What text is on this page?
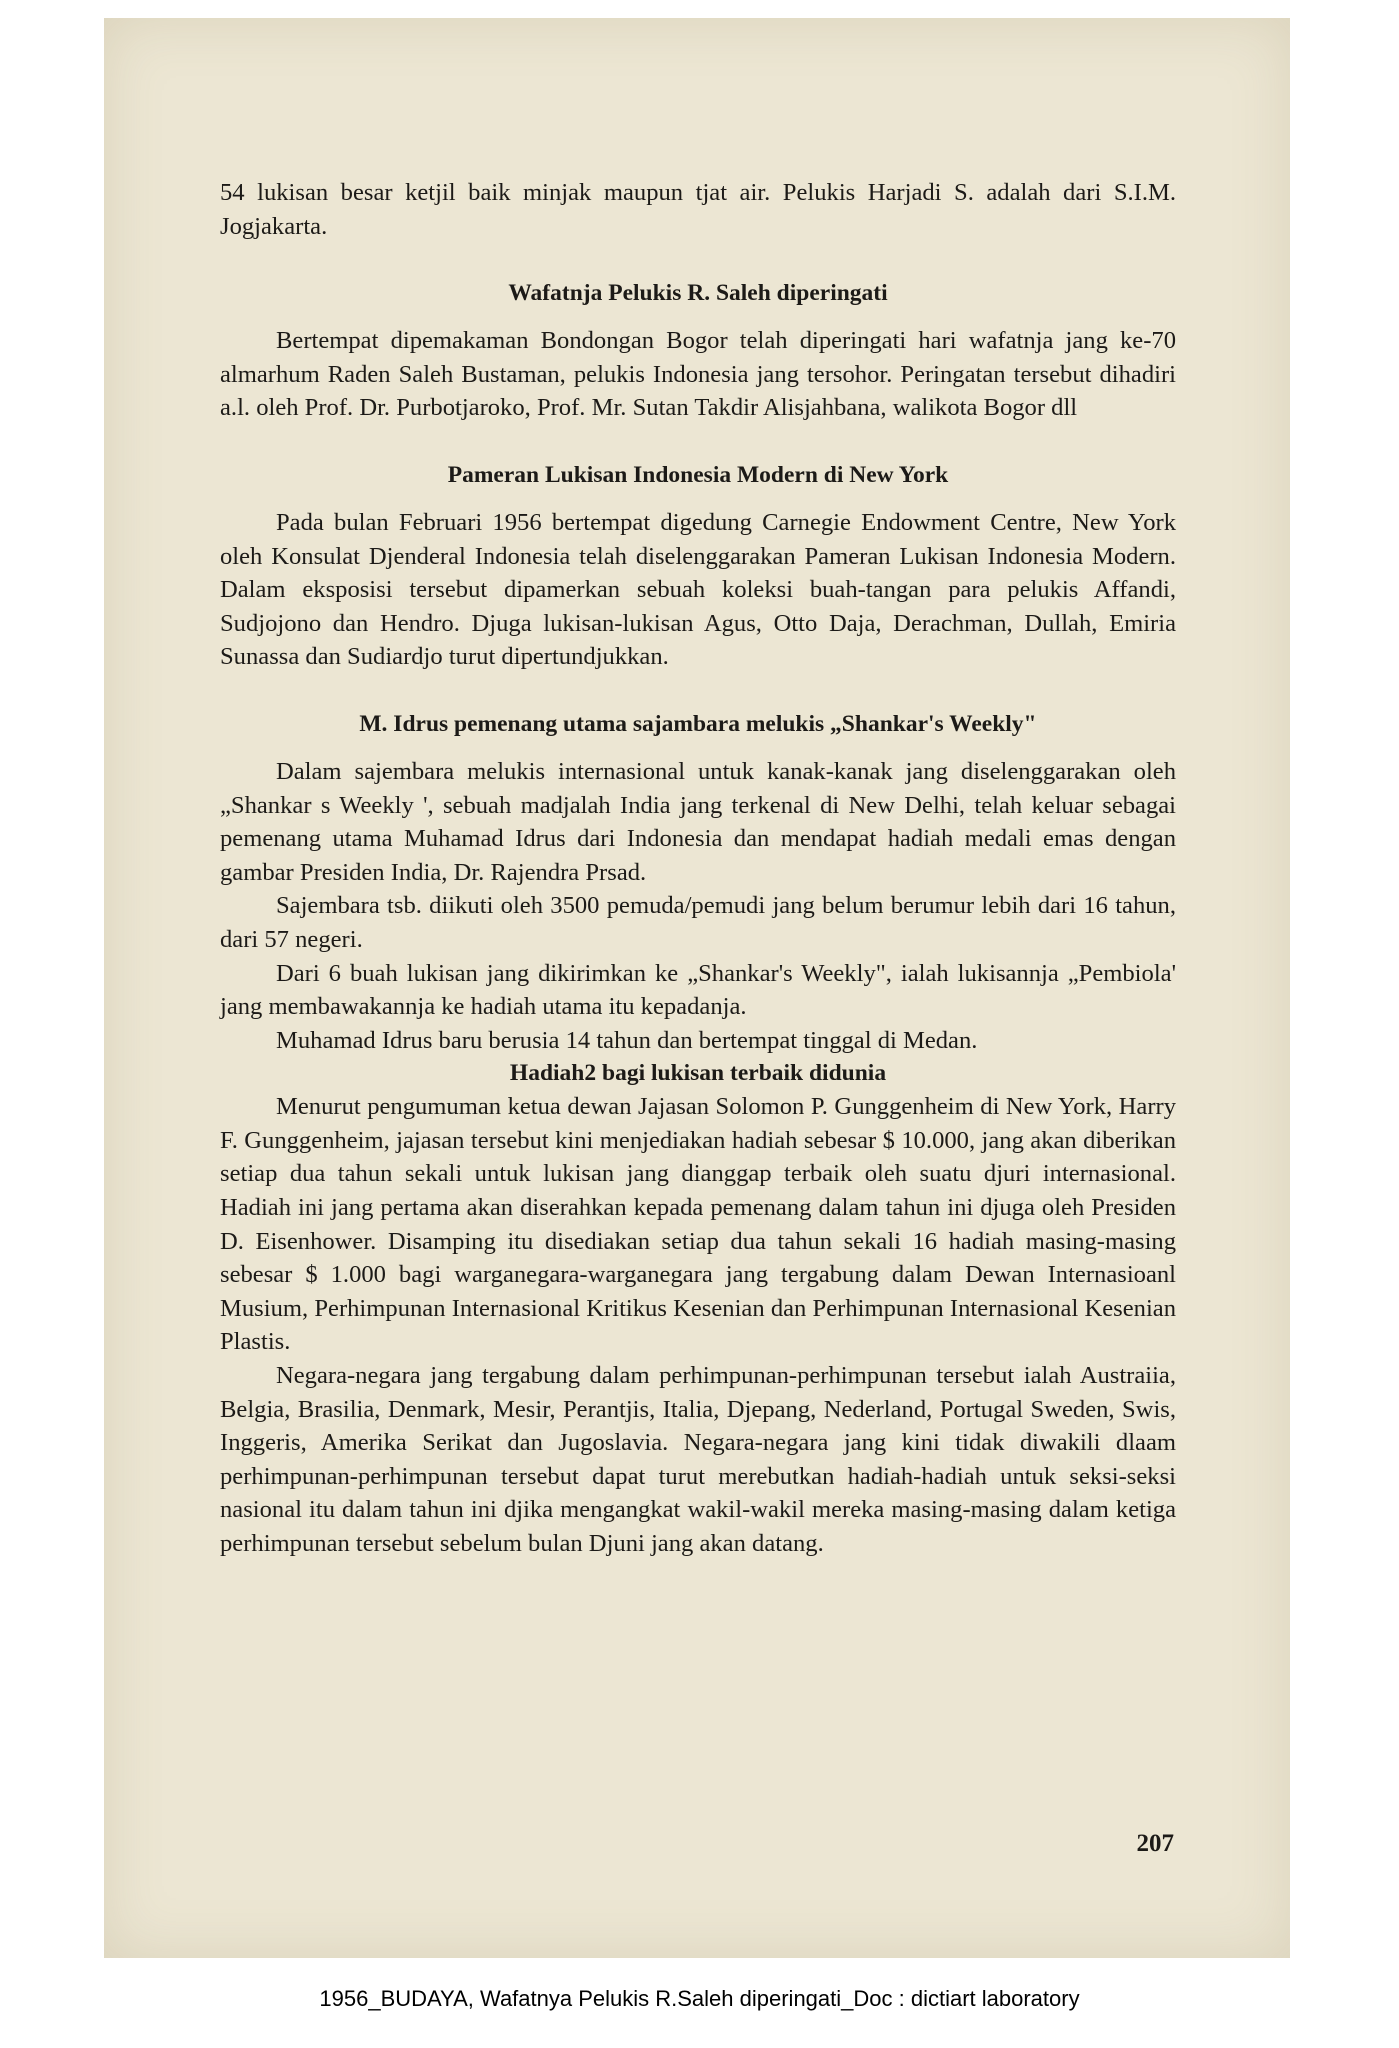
54 lukisan besar ketjil baik minjak maupun tjat air. Pelukis Harjadi S. adalah dari S.I.M. Jogjakarta.

Wafatnja Pelukis R. Saleh diperingati

Bertempat dipemakaman Bondongan Bogor telah diperingati hari wafatnja jang ke-70 almarhum Raden Saleh Bustaman, pelukis Indonesia jang tersohor. Peringatan tersebut dihadiri a.l. oleh Prof. Dr. Purbotjaroko, Prof. Mr. Sutan Takdir Alisjahbana, walikota Bogor dll

Pameran Lukisan Indonesia Modern di New York

Pada bulan Februari 1956 bertempat digedung Carnegie Endowment Centre, New York oleh Konsulat Djenderal Indonesia telah diselenggarakan Pameran Lukisan Indonesia Modern. Dalam eksposisi tersebut dipamerkan sebuah koleksi buah-tangan para pelukis Affandi, Sudjojono dan Hendro. Djuga lukisan-lukisan Agus, Otto Daja, Derachman, Dullah, Emiria Sunassa dan Sudiardjo turut dipertundjukkan.

M. Idrus pemenang utama sajambara melukis „Shankar's Weekly"

Dalam sajembara melukis internasional untuk kanak-kanak jang diselenggarakan oleh „Shankar s Weekly ', sebuah madjalah India jang terkenal di New Delhi, telah keluar sebagai pemenang utama Muhamad Idrus dari Indonesia dan mendapat hadiah medali emas dengan gambar Presiden India, Dr. Rajendra Prsad.

Sajembara tsb. diikuti oleh 3500 pemuda/pemudi jang belum berumur lebih dari 16 tahun, dari 57 negeri.

Dari 6 buah lukisan jang dikirimkan ke „Shankar's Weekly", ialah lukisannja „Pembiola' jang membawakannja ke hadiah utama itu kepadanja.

Muhamad Idrus baru berusia 14 tahun dan bertempat tinggal di Medan.

Hadiah2 bagi lukisan terbaik didunia

Menurut pengumuman ketua dewan Jajasan Solomon P. Gunggenheim di New York, Harry F. Gunggenheim, jajasan tersebut kini menjediakan hadiah sebesar $ 10.000, jang akan diberikan setiap dua tahun sekali untuk lukisan jang dianggap terbaik oleh suatu djuri internasional. Hadiah ini jang pertama akan diserahkan kepada pemenang dalam tahun ini djuga oleh Presiden D. Eisenhower. Disamping itu disediakan setiap dua tahun sekali 16 hadiah masing-masing sebesar $ 1.000 bagi warganegara-warganegara jang tergabung dalam Dewan Internasioanl Musium, Perhimpunan Internasional Kritikus Kesenian dan Perhimpunan Internasional Kesenian Plastis.

Negara-negara jang tergabung dalam perhimpunan-perhimpunan tersebut ialah Austraiia, Belgia, Brasilia, Denmark, Mesir, Perantjis, Italia, Djepang, Nederland, Portugal Sweden, Swis, Inggeris, Amerika Serikat dan Jugoslavia. Negara-negara jang kini tidak diwakili dlaam perhimpunan-perhimpunan tersebut dapat turut merebutkan hadiah-hadiah untuk seksi-seksi nasional itu dalam tahun ini djika mengangkat wakil-wakil mereka masing-masing dalam ketiga perhimpunan tersebut sebelum bulan Djuni jang akan datang.

207
1956_BUDAYA, Wafatnya Pelukis R.Saleh diperingati_Doc : dictiart laboratory
